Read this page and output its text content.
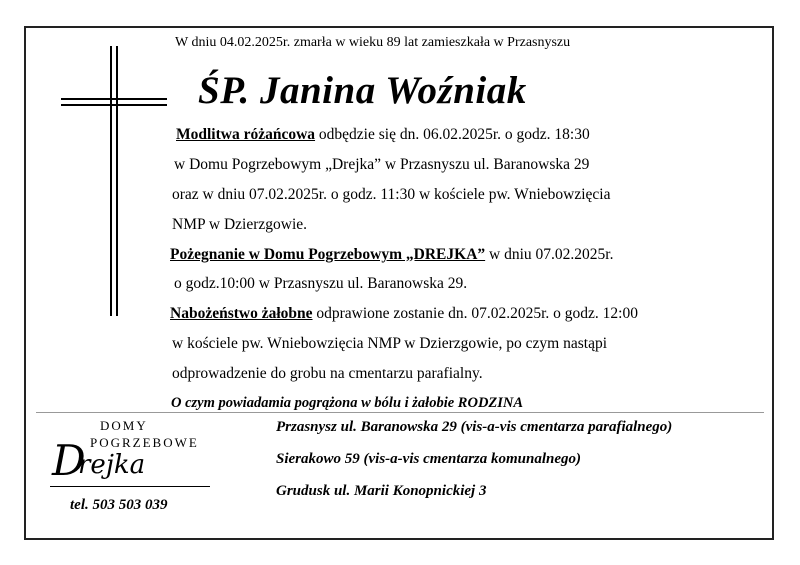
W dniu 04.02.2025r. zmarła w wieku 89 lat zamieszkała w Przasnyszu
ŚP. Janina Woźniak
Modlitwa różańcowa odbędzie się dn. 06.02.2025r. o godz. 18:30
w Domu Pogrzebowym „Drejka” w Przasnyszu ul. Baranowska 29
oraz w dniu 07.02.2025r. o godz. 11:30 w kościele pw. Wniebowzięcia
NMP w Dzierzgowie.
Pożegnanie w Domu Pogrzebowym „DREJKA” w dniu 07.02.2025r.
o godz.10:00 w Przasnyszu ul. Baranowska 29.
Nabożeństwo żałobne odprawione zostanie dn. 07.02.2025r. o godz. 12:00
w kościele pw. Wniebowzięcia NMP w Dzierzgowie, po czym nastąpi
odprowadzenie do grobu na cmentarzu parafialny.
O czym powiadamia pogrążona w bólu i żałobie RODZINA
DOMY
POGRZEBOWE
D
rejka
tel. 503 503 039
Przasnysz ul. Baranowska 29 (vis-a-vis cmentarza parafialnego)
Sierakowo 59 (vis-a-vis cmentarza komunalnego)
Grudusk ul. Marii Konopnickiej 3
